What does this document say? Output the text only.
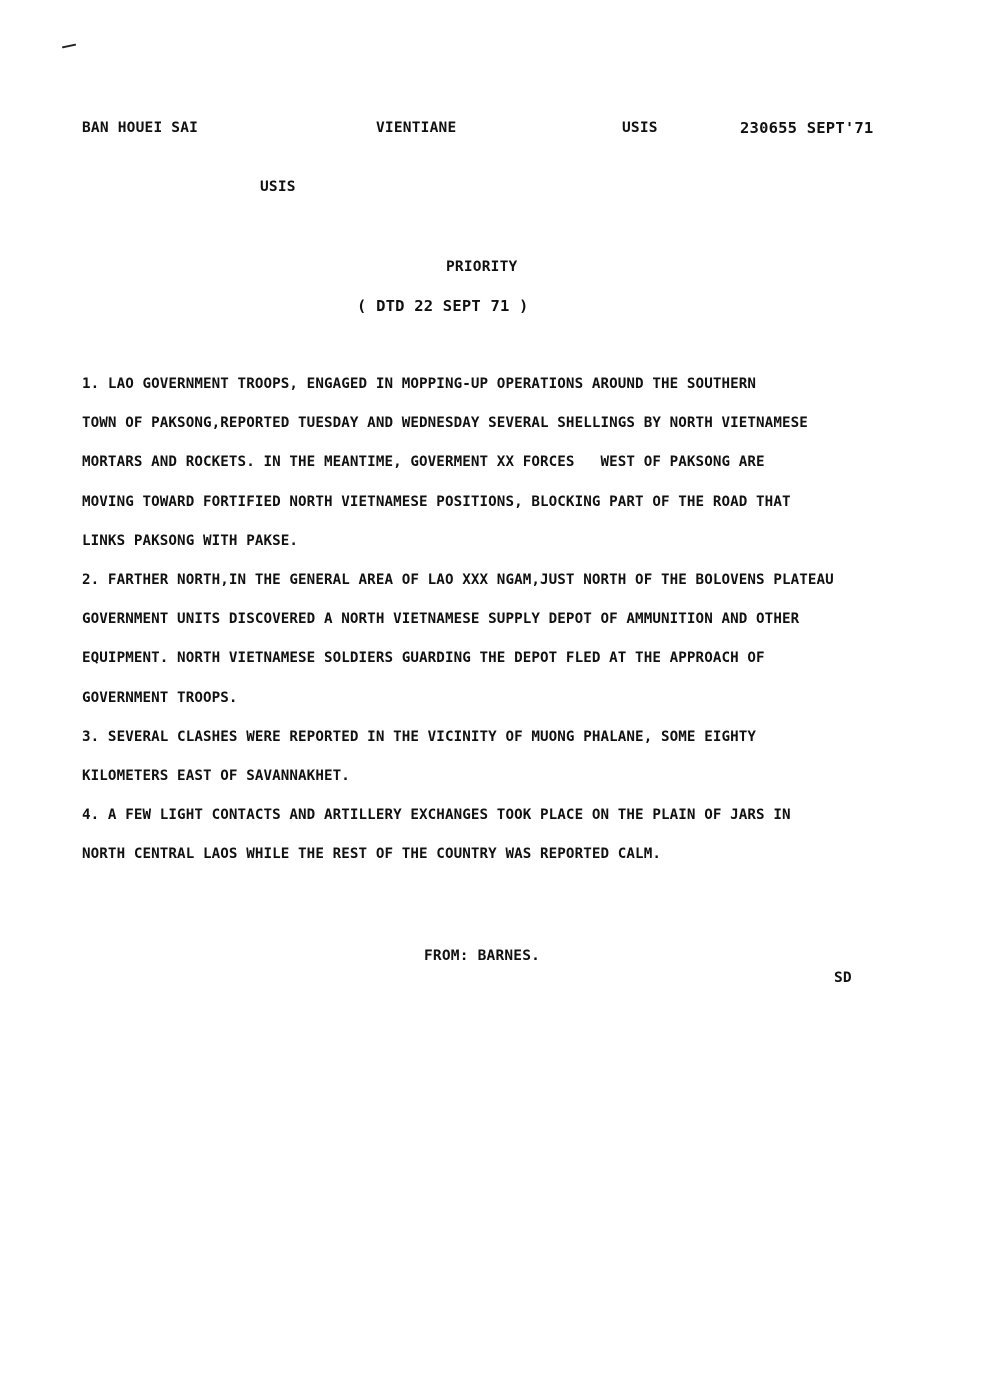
BAN HOUEI SAI	VIENTIANE	USIS	230655 SEPT'71
USIS
PRIORITY
( DTD 22 SEPT 71 )
1. LAO GOVERNMENT TROOPS, ENGAGED IN MOPPING-UP OPERATIONS AROUND THE SOUTHERN
TOWN OF PAKSONG,REPORTED TUESDAY AND WEDNESDAY SEVERAL SHELLINGS BY NORTH VIETNAMESE
MORTARS AND ROCKETS. IN THE MEANTIME, GOVERMENT XX FORCES   WEST OF PAKSONG ARE
MOVING TOWARD FORTIFIED NORTH VIETNAMESE POSITIONS, BLOCKING PART OF THE ROAD THAT
LINKS PAKSONG WITH PAKSE.
2. FARTHER NORTH,IN THE GENERAL AREA OF LAO XXX NGAM,JUST NORTH OF THE BOLOVENS PLATEAU
GOVERNMENT UNITS DISCOVERED A NORTH VIETNAMESE SUPPLY DEPOT OF AMMUNITION AND OTHER
EQUIPMENT. NORTH VIETNAMESE SOLDIERS GUARDING THE DEPOT FLED AT THE APPROACH OF
GOVERNMENT TROOPS.
3. SEVERAL CLASHES WERE REPORTED IN THE VICINITY OF MUONG PHALANE, SOME EIGHTY
KILOMETERS EAST OF SAVANNAKHET.
4. A FEW LIGHT CONTACTS AND ARTILLERY EXCHANGES TOOK PLACE ON THE PLAIN OF JARS IN
NORTH CENTRAL LAOS WHILE THE REST OF THE COUNTRY WAS REPORTED CALM.
FROM: BARNES.
SD
